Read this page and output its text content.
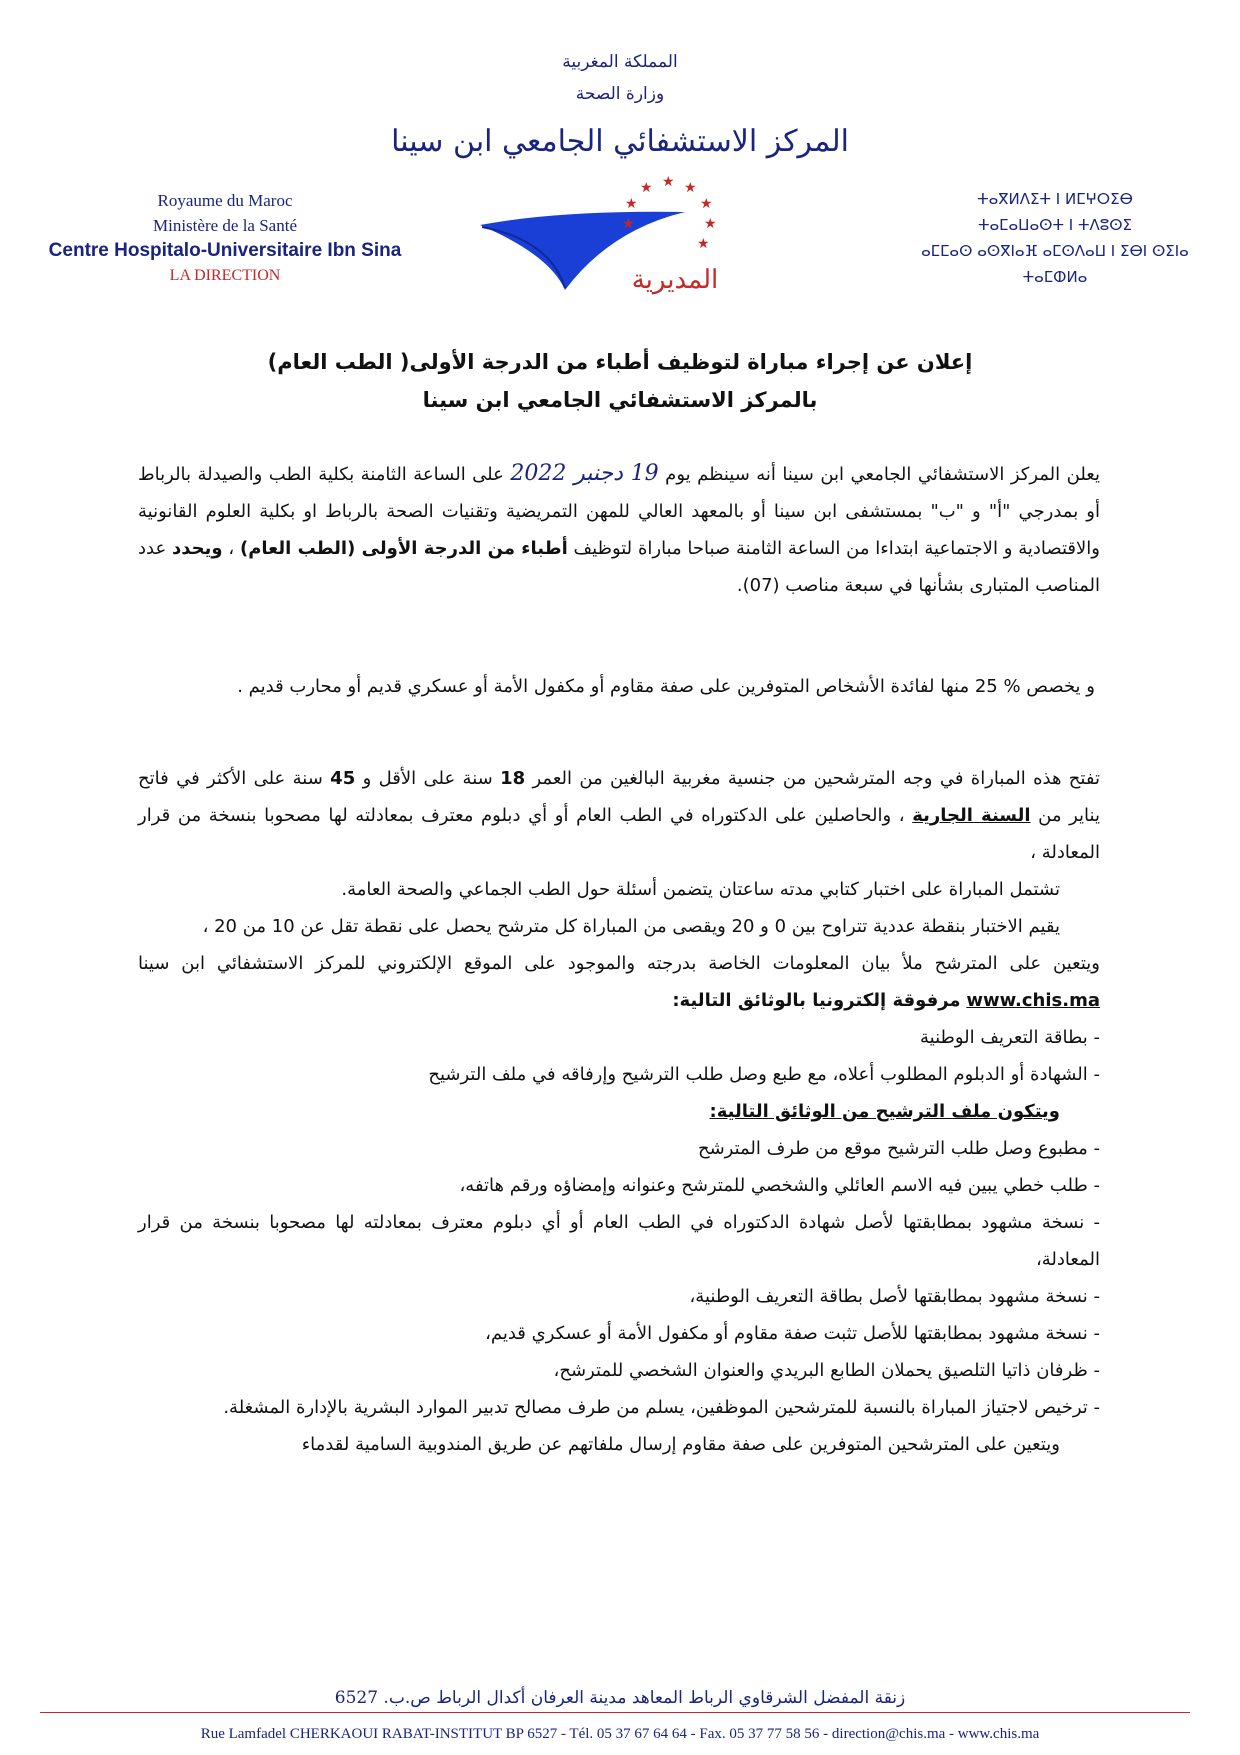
المملكة المغربية
وزارة الصحة
المركز الاستشفائي الجامعي ابن سينا
Royaume du Maroc
Ministère de la Santé
Centre Hospitalo-Universitaire Ibn Sina
LA DIRECTION
ⵜⴰⴳⵍⴷⵉⵜ ⵏ ⵍⵎⵖⵔⵉⴱ
ⵜⴰⵎⴰⵡⴰⵙⵜ ⵏ ⵜⴷⵓⵙⵉ
ⴰⵎⵎⴰⵙ ⴰⵙⴳⵏⴰⴼ ⴰⵎⵙⴷⴰⵡ ⵏ ⵉⴱⵏ ⵙⵉⵏⴰ
ⵜⴰⵎⵀⵍⴰ
★ ★ ★
★
★
★
★
★
المديرية
إعلان عن إجراء مباراة لتوظيف أطباء من الدرجة الأولى( الطب العام)
بالمركز الاستشفائي الجامعي ابن سينا

يعلن المركز الاستشفائي الجامعي ابن سينا أنه سينظم يوم 19 دجنبر 2022 على الساعة الثامنة بكلية الطب والصيدلة بالرباط أو بمدرجي "أ" و "ب" بمستشفى ابن سينا أو بالمعهد العالي للمهن التمريضية وتقنيات الصحة بالرباط او بكلية العلوم القانونية والاقتصادية و الاجتماعية ابتداءا من الساعة الثامنة صباحا مباراة لتوظيف أطباء من الدرجة الأولى (الطب العام) ، ويحدد عدد المناصب المتبارى بشأنها في سبعة مناصب (07).

و يخصص % 25 منها لفائدة الأشخاص المتوفرين على صفة مقاوم أو مكفول الأمة أو عسكري قديم أو محارب قديم .

تفتح هذه المباراة في وجه المترشحين من جنسية مغربية البالغين من العمر 18 سنة على الأقل و 45 سنة على الأكثر في فاتح يناير من السنة الجارية ، والحاصلين على الدكتوراه في الطب العام أو أي دبلوم معترف بمعادلته لها مصحوبا بنسخة من قرار المعادلة ،

تشتمل المباراة على اختبار كتابي مدته ساعتان يتضمن أسئلة حول الطب الجماعي والصحة العامة.

يقيم الاختبار بنقطة عددية تتراوح بين 0 و 20 ويقصى من المباراة كل مترشح يحصل على نقطة تقل عن 10 من 20 ،

ويتعين على المترشح ملأ بيان المعلومات الخاصة بدرجته والموجود على الموقع الإلكتروني للمركز الاستشفائي ابن سينا www.chis.ma مرفوقة إلكترونيا بالوثائق التالية:

- بطاقة التعريف الوطنية
- الشهادة أو الدبلوم المطلوب أعلاه، مع طبع وصل طلب الترشيح وإرفاقه في ملف الترشيح

ويتكون ملف الترشيح من الوثائق التالية:

- مطبوع وصل طلب الترشيح موقع من طرف المترشح
- طلب خطي يبين فيه الاسم العائلي والشخصي للمترشح وعنوانه وإمضاؤه ورقم هاتفه،
- نسخة مشهود بمطابقتها لأصل شهادة الدكتوراه في الطب العام أو أي دبلوم معترف بمعادلته لها مصحوبا بنسخة من قرار المعادلة،
- نسخة مشهود بمطابقتها لأصل بطاقة التعريف الوطنية،
- نسخة مشهود بمطابقتها للأصل تثبت صفة مقاوم أو مكفول الأمة أو عسكري قديم،
- ظرفان ذاتيا التلصيق يحملان الطابع البريدي والعنوان الشخصي للمترشح،
- ترخيص لاجتياز المباراة بالنسبة للمترشحين الموظفين، يسلم من طرف مصالح تدبير الموارد البشرية بالإدارة المشغلة.

ويتعين على المترشحين المتوفرين على صفة مقاوم إرسال ملفاتهم عن طريق المندوبية السامية لقدماء

زنقة المفضل الشرقاوي الرباط المعاهد مدينة العرفان أكدال الرباط ص.ب. 6527
Rue Lamfadel CHERKAOUI RABAT-INSTITUT BP 6527 - Tél. 05 37 67 64 64 - Fax. 05 37 77 58 56 - direction@chis.ma - www.chis.ma
